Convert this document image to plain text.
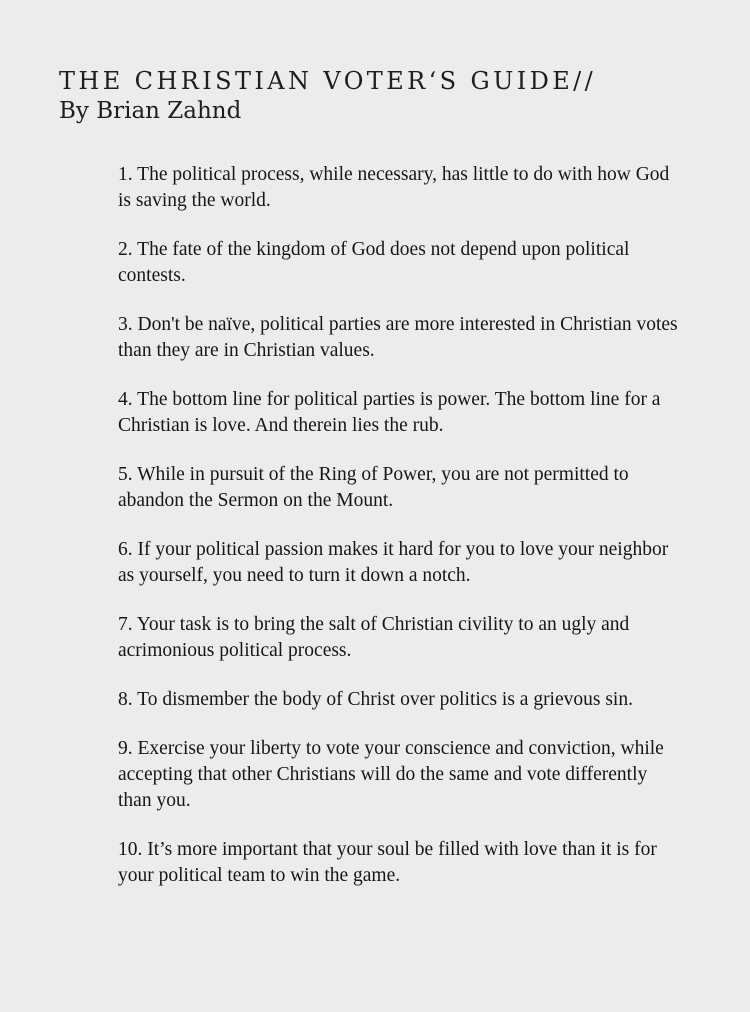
THE CHRISTIAN VOTER‘S GUIDE//

By Brian Zahnd

1. The political process, while necessary, has little to do with how God is saving the world.
2. The fate of the kingdom of God does not depend upon political contests.
3. Don't be naïve, political parties are more interested in Christian votes than they are in Christian values.
4. The bottom line for political parties is power. The bottom line for a Christian is love. And therein lies the rub.
5. While in pursuit of the Ring of Power, you are not permitted to abandon the Sermon on the Mount.
6. If your political passion makes it hard for you to love your neighbor as yourself, you need to turn it down a notch.
7. Your task is to bring the salt of Christian civility to an ugly and acrimonious political process.
8. To dismember the body of Christ over politics is a grievous sin.
9. Exercise your liberty to vote your conscience and conviction, while accepting that other Christians will do the same and vote differently than you.
10. It’s more important that your soul be filled with love than it is for your political team to win the game.
